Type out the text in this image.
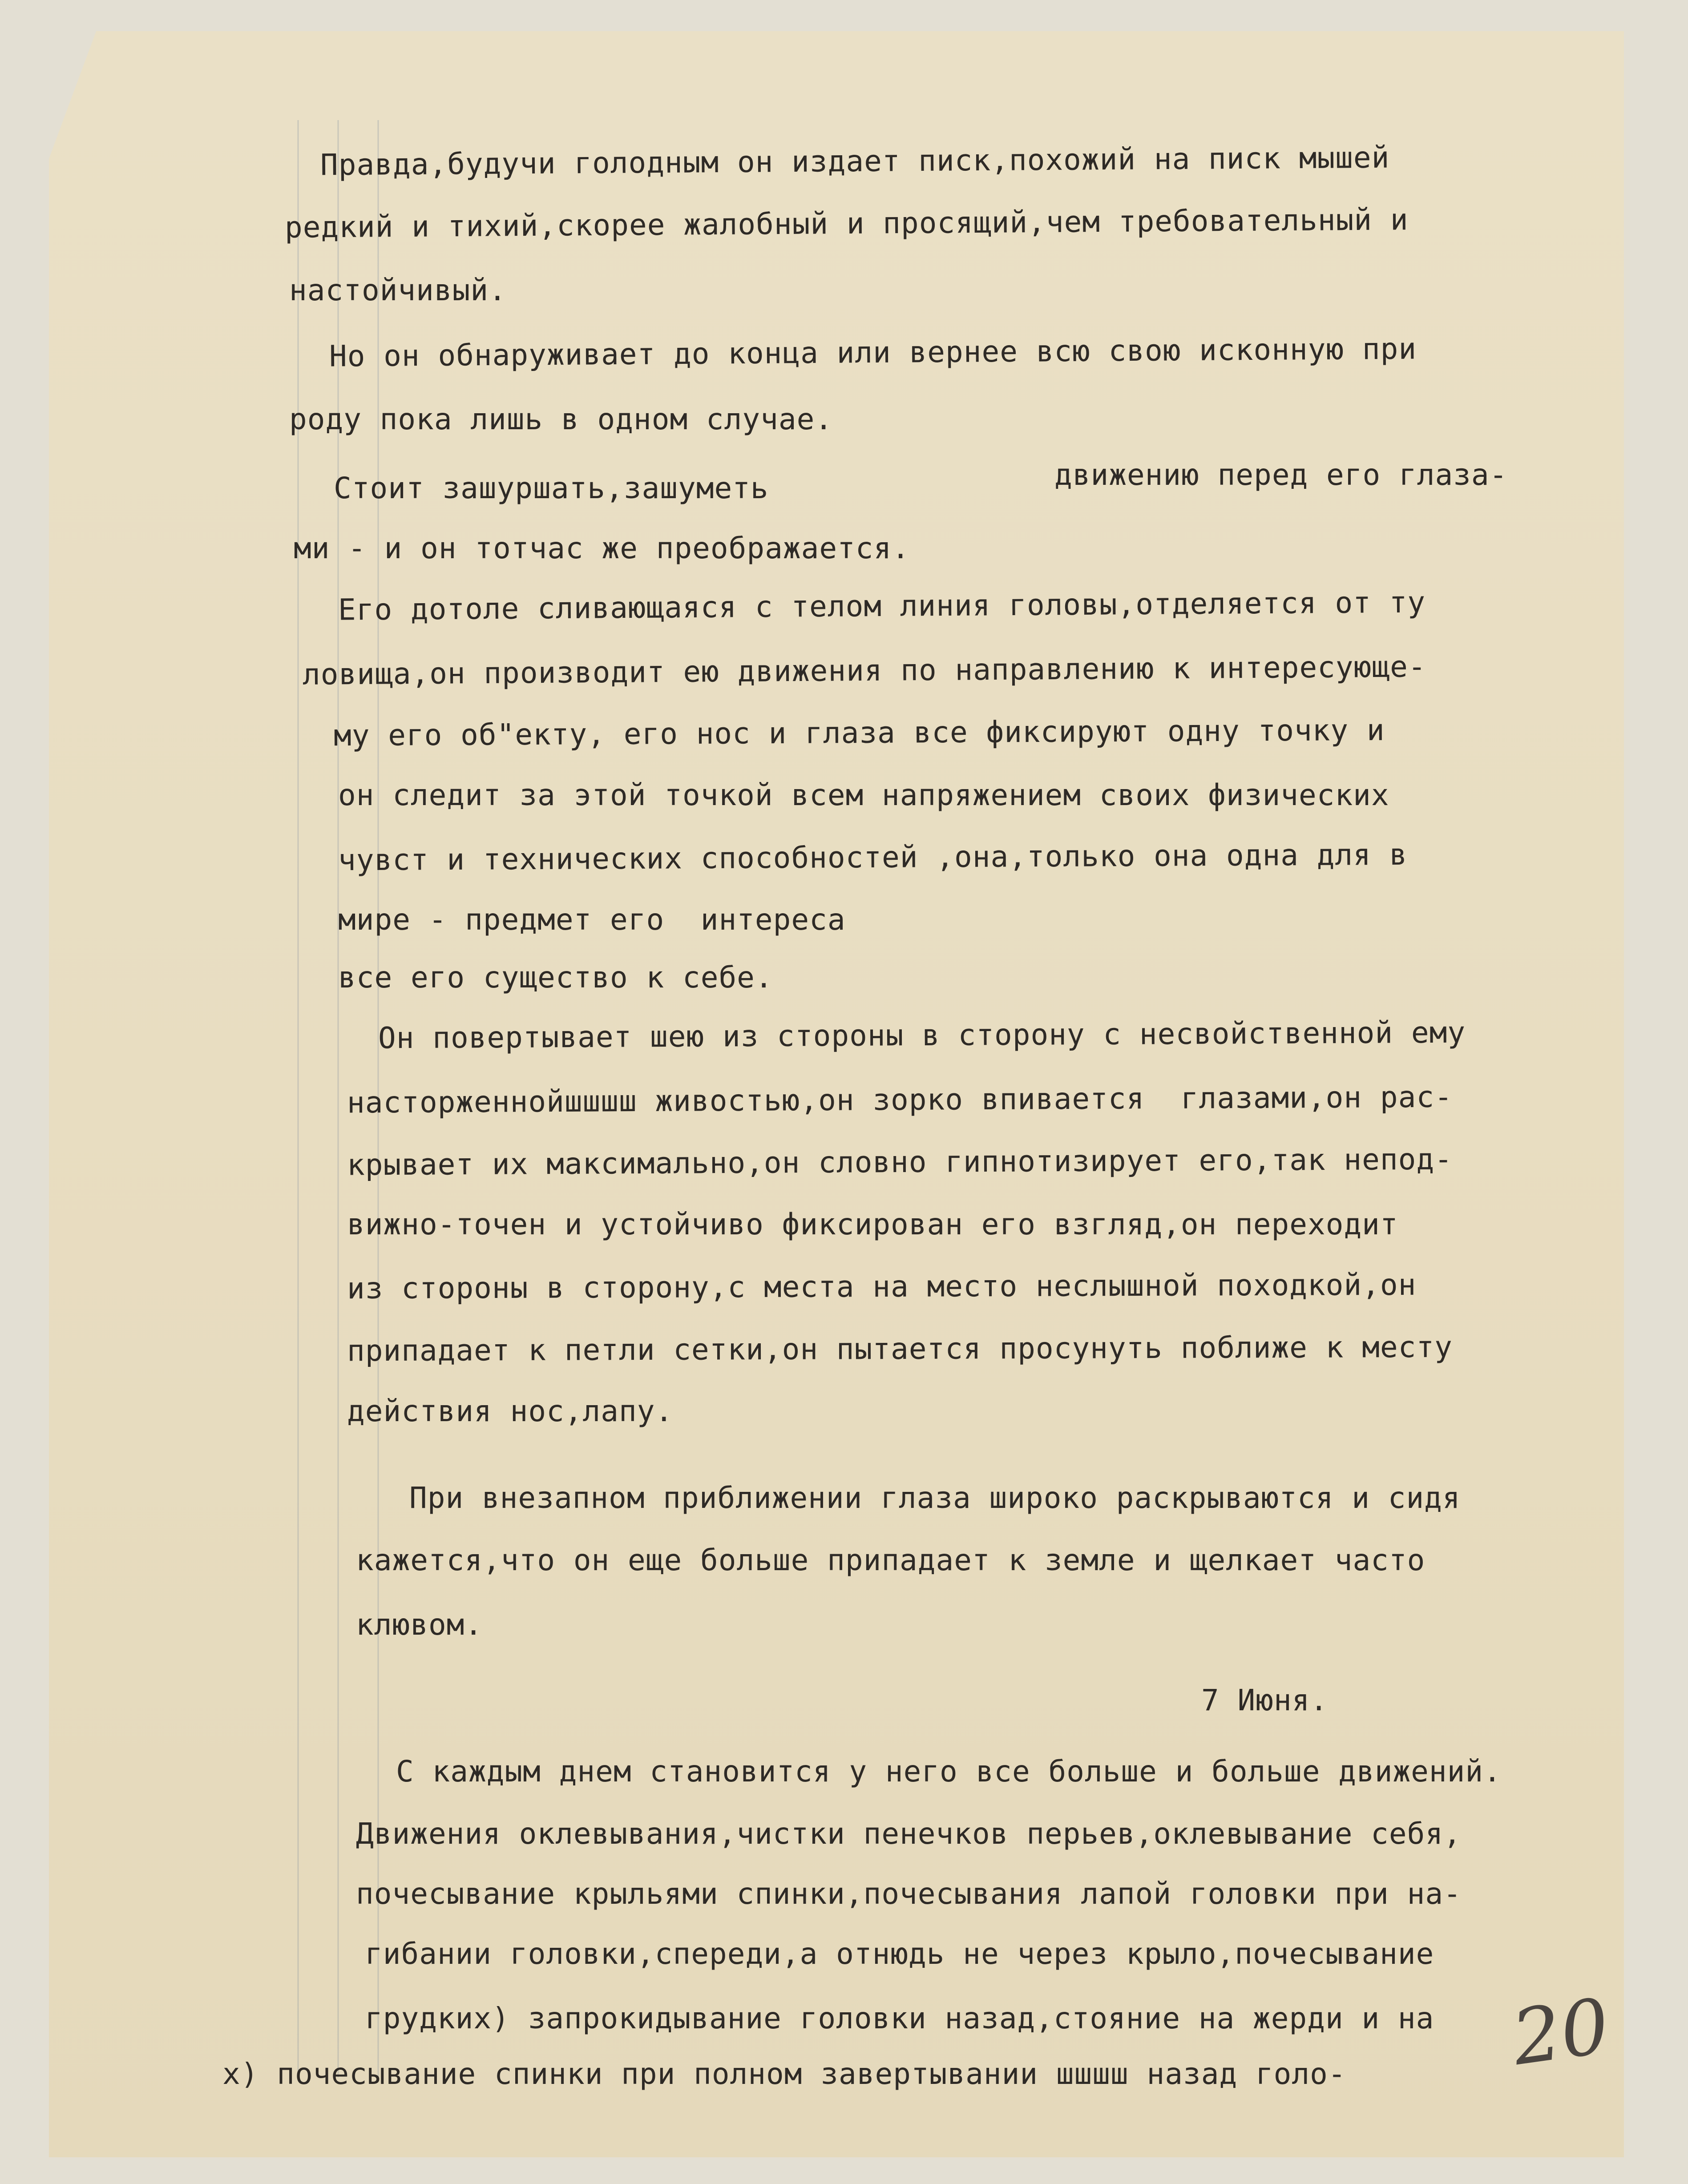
Правда,будучи голодным он издает писк,похожий на писк мышей
редкий и тихий,скорее жалобный и просящий,чем требовательный и
настойчивый.
Но он обнаруживает до конца или вернее всю свою исконную при
роду пока лишь в одном случае.
Стоит зашуршать,зашуметь	движению перед его глаза-
ми - и он тотчас же преображается.
Его дотоле сливающаяся с телом линия головы,отделяется от ту
ловища,он производит ею движения по направлению к интересующе-
му его об"екту, его нос и глаза все фиксируют одну точку и
он следит за этой точкой всем напряжением своих физических
чувст и технических способностей ,она,только она одна для в
мире - предмет его  интереса
все его существо к себе.
Он повертывает шею из стороны в сторону с несвойственной ему
насторженнойшшшш живостью,он зорко впивается  глазами,он рас-
крывает их максимально,он словно гипнотизирует его,так непод-
вижно-точен и устойчиво фиксирован его взгляд,он переходит
из стороны в сторону,с места на место неслышной походкой,он
припадает к петли сетки,он пытается просунуть поближе к месту
действия нос,лапу.
При внезапном приближении глаза широко раскрываются и сидя
кажется,что он еще больше припадает к земле и щелкает часто
клювом.
7 Июня.
С каждым днем становится у него все больше и больше движений.
Движения оклевывания,чистки пенечков перьев,оклевывание себя,
почесывание крыльями спинки,почесывания лапой головки при на-
гибании головки,спереди,а отнюдь не через крыло,почесывание
грудких) запрокидывание головки назад,стояние на жерди и на
х) почесывание спинки при полном завертывании шшшш назад голо- 20
